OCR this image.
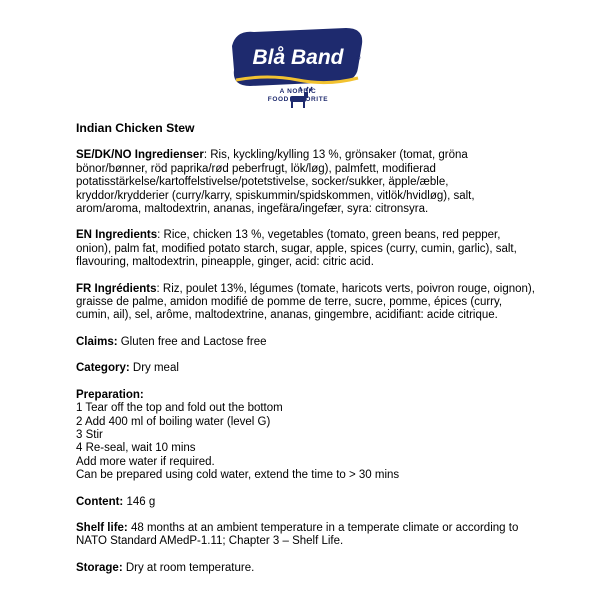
Blå Band ®
A NORDIC
FOOD FAVORITE
Indian Chicken Stew
SE/DK/NO Ingredienser: Ris, kyckling/kylling 13 %, grönsaker (tomat, gröna bönor/bønner, röd paprika/rød peberfrugt, lök/løg), palmfett, modifierad potatisstärkelse/kartoffelstivelse/potetstivelse, socker/sukker, äpple/æble, kryddor/krydderier (curry/karry, spiskummin/spidskommen, vitlök/hvidløg), salt, arom/aroma, maltodextrin, ananas, ingefära/ingefær, syra: citronsyra.
EN Ingredients: Rice, chicken 13 %, vegetables (tomato, green beans, red pepper, onion), palm fat, modified potato starch, sugar, apple, spices (curry, cumin, garlic), salt, flavouring, maltodextrin, pineapple, ginger, acid: citric acid.
FR Ingrédients: Riz, poulet 13%, légumes (tomate, haricots verts, poivron rouge, oignon), graisse de palme, amidon modifié de pomme de terre, sucre, pomme, épices (curry, cumin, ail), sel, arôme, maltodextrine, ananas, gingembre, acidifiant: acide citrique.
Claims: Gluten free and Lactose free
Category: Dry meal
Preparation:
1 Tear off the top and fold out the bottom
2 Add 400 ml of boiling water (level G)
3 Stir
4 Re-seal, wait 10 mins
Add more water if required.
Can be prepared using cold water, extend the time to > 30 mins
Content: 146 g
Shelf life: 48 months at an ambient temperature in a temperate climate or according to NATO Standard AMedP-1.11; Chapter 3 – Shelf Life.
Storage: Dry at room temperature.
